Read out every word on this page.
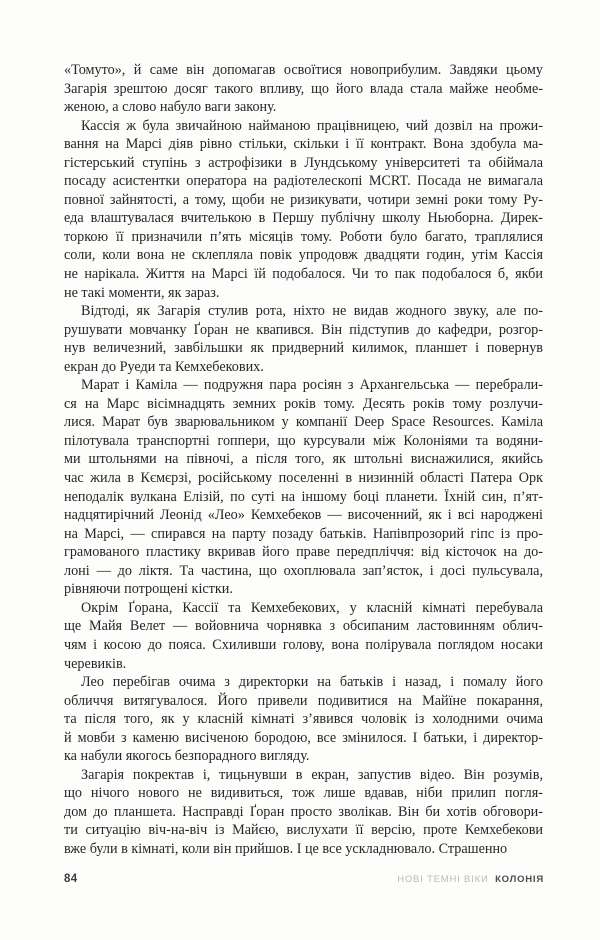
«Томуто», й саме він допомагав освоїтися новоприбулим. Завдяки цьому
Загарія зрештою досяг такого впливу, що його влада стала майже необме-
женою, а слово набуло ваги закону.

Кассія ж була звичайною найманою працівницею, чий дозвіл на прожи-
вання на Марсі діяв рівно стільки, скільки і її контракт. Вона здобула ма-
гістерський ступінь з астрофізики в Лундському університеті та обіймала
посаду асистентки оператора на радіотелескопі MCRT. Посада не вимагала
повної зайнятості, а тому, щоби не ризикувати, чотири земні роки тому Ру-
еда влаштувалася вчителькою в Першу публічну школу Ньюборна. Дирек-
торкою її призначили п’ять місяців тому. Роботи було багато, траплялися
соли, коли вона не склепляла повік упродовж двадцяти годин, утім Кассія
не нарікала. Життя на Марсі їй подобалося. Чи то пак подобалося б, якби
не такі моменти, як зараз.

Відтоді, як Загарія стулив рота, ніхто не видав жодного звуку, але по-
рушувати мовчанку Ґоран не квапився. Він підступив до кафедри, розгор-
нув величезний, завбільшки як придверний килимок, планшет і повернув
екран до Руеди та Кемхебекових.

Марат і Каміла — подружня пара росіян з Архангельська — перебрали-
ся на Марс вісімнадцять земних років тому. Десять років тому розлучи-
лися. Марат був зварювальником у компанії Deep Space Resources. Каміла
пілотувала транспортні гоппери, що курсували між Колоніями та водяни-
ми штольнями на півночі, а після того, як штольні виснажилися, якийсь
час жила в Кємєрзі, російському поселенні в низинній області Патера Орк
неподалік вулкана Елізій, по суті на іншому боці планети. Їхній син, п’ят-
надцятирічний Леонід «Лео» Кемхебеков — височенний, як і всі народжені
на Марсі, — спирався на парту позаду батьків. Напівпрозорий гіпс із про-
грамованого пластику вкривав його праве передпліччя: від кісточок на до-
лоні — до ліктя. Та частина, що охоплювала зап’ясток, і досі пульсувала,
рівняючи потрощені кістки.

Окрім Ґорана, Кассії та Кемхебекових, у класній кімнаті перебувала
ще Майя Велет — войовнича чорнявка з обсипаним ластовинням облич-
чям і косою до пояса. Схиливши голову, вона полірувала поглядом носаки
черевиків.

Лео перебігав очима з директорки на батьків і назад, і помалу його
обличчя витягувалося. Його привели подивитися на Майїне покарання,
та після того, як у класній кімнаті з’явився чоловік із холодними очима
й мовби з каменю висіченою бородою, все змінилося. І батьки, і директор-
ка набули якогось безпорадного вигляду.

Загарія покректав і, тицьнувши в екран, запустив відео. Він розумів,
що нічого нового не видивиться, тож лише вдавав, ніби прилип погля-
дом до планшета. Насправді Ґоран просто зволікав. Він би хотів обговори-
ти ситуацію віч-на-віч із Майєю, вислухати її версію, проте Кемхебекови
вже були в кімнаті, коли він прийшов. І це все ускладнювало. Страшенно

84	НОВІ ТЕМНІ ВІКИ КОЛОНІЯ
